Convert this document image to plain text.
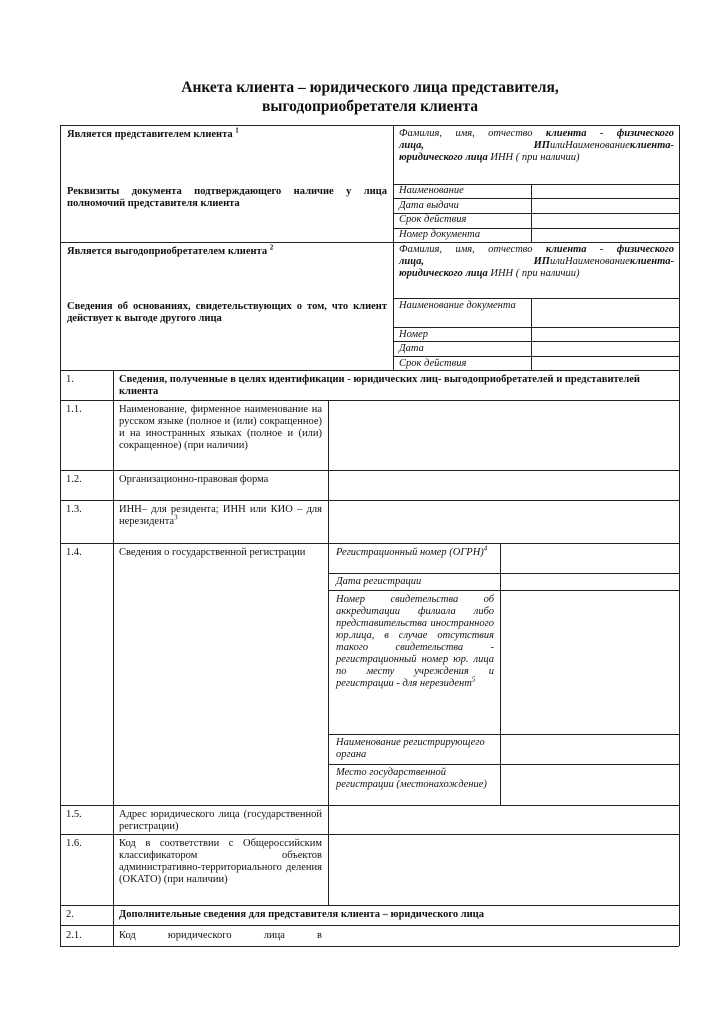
Анкета клиента – юридического лица представителя,
выгодоприобретателя клиента
Является представителем клиента $^1$	Фамилия, имя, отчество клиента - физического
лица, ИПилиНаименованиеклиента-
юридического лица ИНН ( при наличии)
Реквизиты документа подтверждающего наличие у лица полномочий представителя клиента
Наименование
Дата выдачи
Срок действия
Номер документа
Является выгодоприобретателем клиента $^2$	Фамилия, имя, отчество клиента - физического
лица, ИПилиНаименованиеклиента-
юридического лица ИНН ( при наличии)
Сведения об основаниях, свидетельствующих о том, что клиент действует к выгоде другого лица
Наименование документа
Номер
Дата
Срок действия
1.	Сведения, полученные в целях идентификации - юридических лиц- выгодоприобретателей и представителей клиента
1.1.	Наименование, фирменное наименование на русском языке (полное и (или) сокращенное) и на иностранных языках (полное и (или) сокращенное) (при наличии)
1.2.	Организационно-правовая форма
1.3.	ИНН– для резидента; ИНН или КИО – для нерезидента$^3$
1.4.	Сведения о государственной регистрации	Регистрационный номер (ОГРН)$^4$
Дата регистрации
Номер свидетельства об аккредитации филиала либо представительства иностранного юр.лица, в случае отсутствия такого свидетельства - регистрационный номер юр. лица по месту учреждения и регистрации - для нерезидент$^5$
Наименование регистрирующего органа
Место государственной регистрации (местонахождение)
1.5.	Адрес юридического лица (государственной регистрации)
1.6.	Код в соответствии с Общероссийским классификатором объектов административно-территориального деления (ОКАТО) (при наличии)
2.	Дополнительные сведения для представителя клиента – юридического лица
2.1.	Код юридического лица в
